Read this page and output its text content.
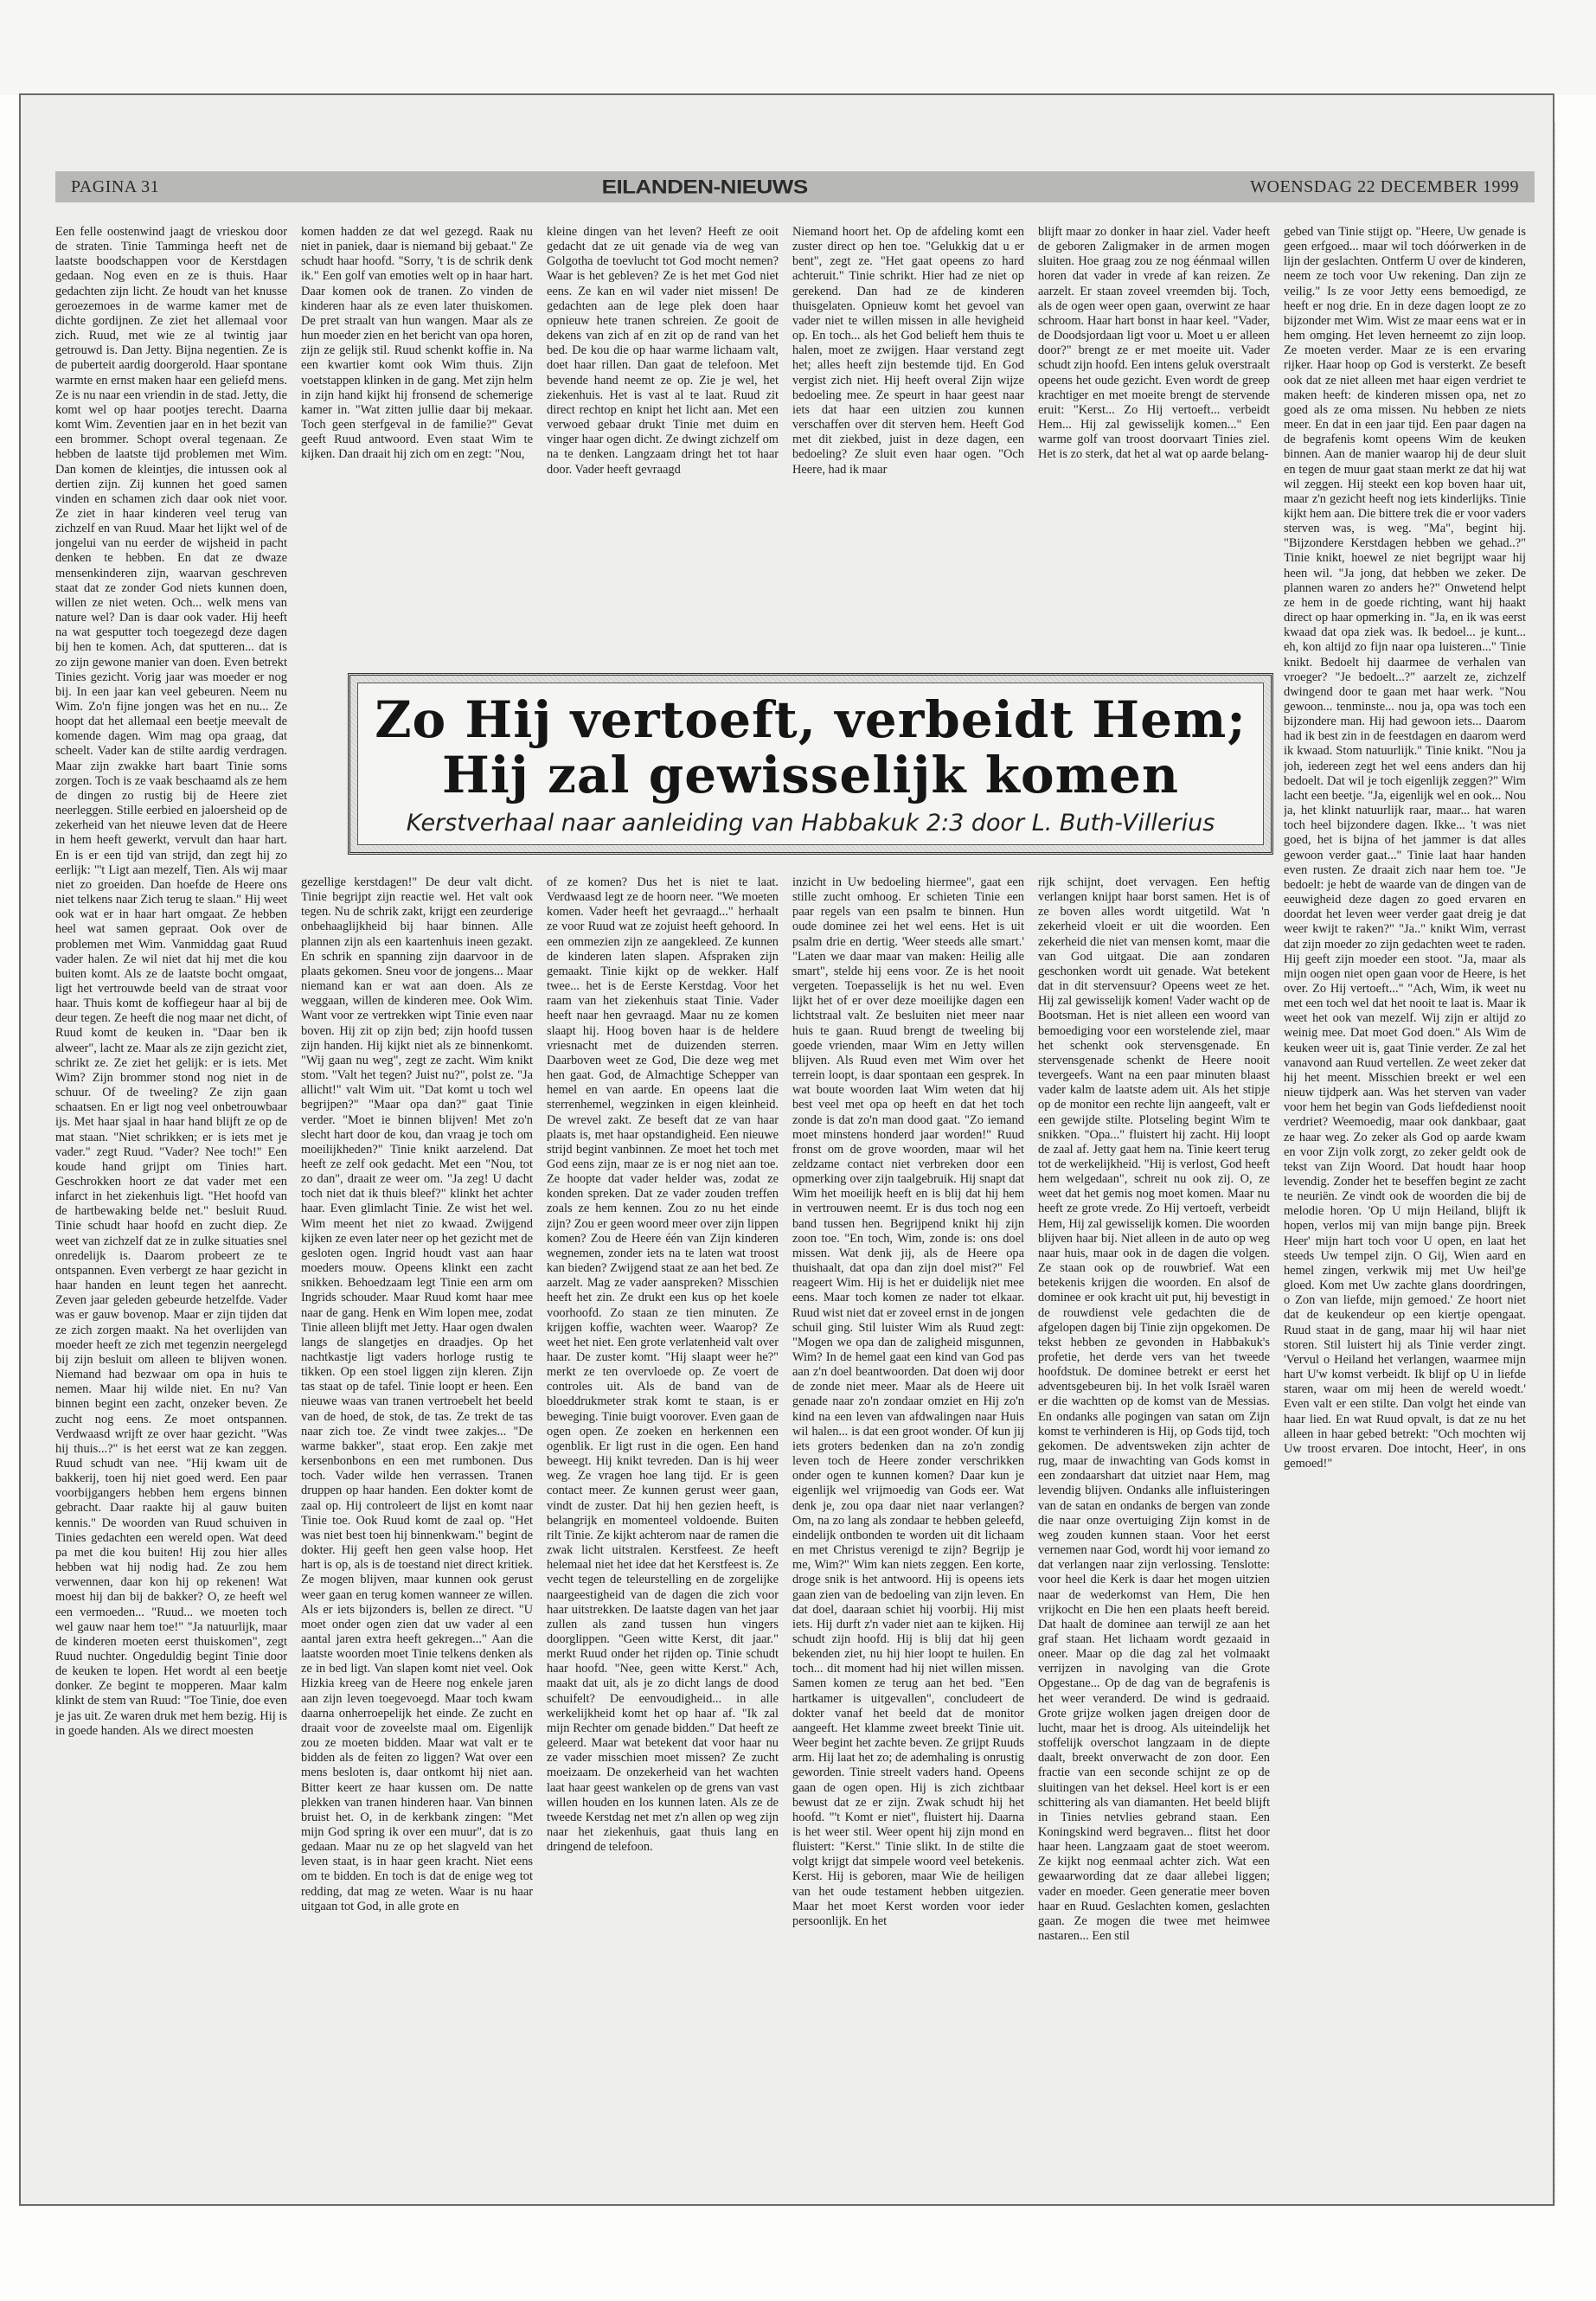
PAGINA 31	EILANDEN-NIEUWS	WOENSDAG 22 DECEMBER 1999

Een felle oostenwind jaagt de vrieskou door de straten. Tinie Tamminga heeft net de laatste boodschappen voor de Kerstdagen gedaan. Nog even en ze is thuis. Haar gedachten zijn licht. Ze houdt van het knusse geroezemoes in de warme kamer met de dichte gordijnen. Ze ziet het allemaal voor zich. Ruud, met wie ze al twintig jaar getrouwd is. Dan Jetty. Bijna negentien. Ze is de puberteit aardig doorgerold. Haar spontane warmte en ernst maken haar een geliefd mens. Ze is nu naar een vriendin in de stad. Jetty, die komt wel op haar pootjes terecht. Daarna komt Wim. Zeventien jaar en in het bezit van een brommer. Schopt overal tegenaan. Ze hebben de laatste tijd problemen met Wim. Dan komen de kleintjes, die intussen ook al dertien zijn. Zij kunnen het goed samen vinden en schamen zich daar ook niet voor. Ze ziet in haar kinderen veel terug van zichzelf en van Ruud. Maar het lijkt wel of de jongelui van nu eerder de wijsheid in pacht denken te hebben. En dat ze dwaze mensenkinderen zijn, waarvan geschreven staat dat ze zonder God niets kunnen doen, willen ze niet weten. Och... welk mens van nature wel? Dan is daar ook vader. Hij heeft na wat gesputter toch toegezegd deze dagen bij hen te komen. Ach, dat sputteren... dat is zo zijn gewone manier van doen. Even betrekt Tinies gezicht. Vorig jaar was moeder er nog bij. In een jaar kan veel gebeuren. Neem nu Wim. Zo'n fijne jongen was het en nu... Ze hoopt dat het allemaal een beetje meevalt de komende dagen. Wim mag opa graag, dat scheelt. Vader kan de stilte aardig verdragen. Maar zijn zwakke hart baart Tinie soms zorgen. Toch is ze vaak beschaamd als ze hem de dingen zo rustig bij de Heere ziet neerleggen. Stille eerbied en jaloersheid op de zekerheid van het nieuwe leven dat de Heere in hem heeft gewerkt, vervult dan haar hart. En is er een tijd van strijd, dan zegt hij zo eerlijk: "'t Ligt aan mezelf, Tien. Als wij maar niet zo groeiden. Dan hoefde de Heere ons niet telkens naar Zich terug te slaan." Hij weet ook wat er in haar hart omgaat. Ze hebben heel wat samen gepraat. Ook over de problemen met Wim. Vanmiddag gaat Ruud vader halen. Ze wil niet dat hij met die kou buiten komt. Als ze de laatste bocht omgaat, ligt het vertrouwde beeld van de straat voor haar. Thuis komt de koffiegeur haar al bij de deur tegen. Ze heeft die nog maar net dicht, of Ruud komt de keuken in. "Daar ben ik alweer", lacht ze. Maar als ze zijn gezicht ziet, schrikt ze. Ze ziet het gelijk: er is iets. Met Wim? Zijn brommer stond nog niet in de schuur. Of de tweeling? Ze zijn gaan schaatsen. En er ligt nog veel onbetrouwbaar ijs. Met haar sjaal in haar hand blijft ze op de mat staan. "Niet schrikken; er is iets met je vader." zegt Ruud. "Vader? Nee toch!" Een koude hand grijpt om Tinies hart. Geschrokken hoort ze dat vader met een infarct in het ziekenhuis ligt. "Het hoofd van de hartbewaking belde net." besluit Ruud. Tinie schudt haar hoofd en zucht diep. Ze weet van zichzelf dat ze in zulke situaties snel onredelijk is. Daarom probeert ze te ontspannen. Even verbergt ze haar gezicht in haar handen en leunt tegen het aanrecht. Zeven jaar geleden gebeurde hetzelfde. Vader was er gauw bovenop. Maar er zijn tijden dat ze zich zorgen maakt. Na het overlijden van moeder heeft ze zich met tegenzin neergelegd bij zijn besluit om alleen te blijven wonen. Niemand had bezwaar om opa in huis te nemen. Maar hij wilde niet. En nu? Van binnen begint een zacht, onzeker beven. Ze zucht nog eens. Ze moet ontspannen. Verdwaasd wrijft ze over haar gezicht. "Was hij thuis...?" is het eerst wat ze kan zeggen. Ruud schudt van nee. "Hij kwam uit de bakkerij, toen hij niet goed werd. Een paar voorbijgangers hebben hem ergens binnen gebracht. Daar raakte hij al gauw buiten kennis." De woorden van Ruud schuiven in Tinies gedachten een wereld open. Wat deed pa met die kou buiten! Hij zou hier alles hebben wat hij nodig had. Ze zou hem verwennen, daar kon hij op rekenen! Wat moest hij dan bij de bakker? O, ze heeft wel een vermoeden... "Ruud... we moeten toch wel gauw naar hem toe!" "Ja natuurlijk, maar de kinderen moeten eerst thuiskomen", zegt Ruud nuchter. Ongeduldig begint Tinie door de keuken te lopen. Het wordt al een beetje donker. Ze begint te mopperen. Maar kalm klinkt de stem van Ruud: "Toe Tinie, doe even je jas uit. Ze waren druk met hem bezig. Hij is in goede handen. Als we direct moesten

komen hadden ze dat wel gezegd. Raak nu niet in paniek, daar is niemand bij gebaat." Ze schudt haar hoofd. "Sorry, 't is de schrik denk ik." Een golf van emoties welt op in haar hart. Daar komen ook de tranen. Zo vinden de kinderen haar als ze even later thuiskomen. De pret straalt van hun wangen. Maar als ze hun moeder zien en het bericht van opa horen, zijn ze gelijk stil. Ruud schenkt koffie in. Na een kwartier komt ook Wim thuis. Zijn voetstappen klinken in de gang. Met zijn helm in zijn hand kijkt hij fronsend de schemerige kamer in. "Wat zitten jullie daar bij mekaar. Toch geen sterfgeval in de familie?" Gevat geeft Ruud antwoord. Even staat Wim te kijken. Dan draait hij zich om en zegt: "Nou,

kleine dingen van het leven? Heeft ze ooit gedacht dat ze uit genade via de weg van Golgotha de toevlucht tot God mocht nemen? Waar is het gebleven? Ze is het met God niet eens. Ze kan en wil vader niet missen! De gedachten aan de lege plek doen haar opnieuw hete tranen schreien. Ze gooit de dekens van zich af en zit op de rand van het bed. De kou die op haar warme lichaam valt, doet haar rillen. Dan gaat de telefoon. Met bevende hand neemt ze op. Zie je wel, het ziekenhuis. Het is vast al te laat. Ruud zit direct rechtop en knipt het licht aan. Met een verwoed gebaar drukt Tinie met duim en vinger haar ogen dicht. Ze dwingt zichzelf om na te denken. Langzaam dringt het tot haar door. Vader heeft gevraagd

Niemand hoort het. Op de afdeling komt een zuster direct op hen toe. "Gelukkig dat u er bent", zegt ze. "Het gaat opeens zo hard achteruit." Tinie schrikt. Hier had ze niet op gerekend. Dan had ze de kinderen thuisgelaten. Opnieuw komt het gevoel van vader niet te willen missen in alle hevigheid op. En toch... als het God belieft hem thuis te halen, moet ze zwijgen. Haar verstand zegt het; alles heeft zijn bestemde tijd. En God vergist zich niet. Hij heeft overal Zijn wijze bedoeling mee. Ze speurt in haar geest naar iets dat haar een uitzien zou kunnen verschaffen over dit sterven hem. Heeft God met dit ziekbed, juist in deze dagen, een bedoeling? Ze sluit even haar ogen. "Och Heere, had ik maar

blijft maar zo donker in haar ziel. Vader heeft de geboren Zaligmaker in de armen mogen sluiten. Hoe graag zou ze nog éénmaal willen horen dat vader in vrede af kan reizen. Ze aarzelt. Er staan zoveel vreemden bij. Toch, als de ogen weer open gaan, overwint ze haar schroom. Haar hart bonst in haar keel. "Vader, de Doodsjordaan ligt voor u. Moet u er alleen door?" brengt ze er met moeite uit. Vader schudt zijn hoofd. Een intens geluk overstraalt opeens het oude gezicht. Even wordt de greep krachtiger en met moeite brengt de stervende eruit: "Kerst... Zo Hij vertoeft... verbeidt Hem... Hij zal gewisselijk komen..." Een warme golf van troost doorvaart Tinies ziel. Het is zo sterk, dat het al wat op aarde belang-

gebed van Tinie stijgt op. "Heere, Uw genade is geen erfgoed... maar wil toch dóórwerken in de lijn der geslachten. Ontferm U over de kinderen, neem ze toch voor Uw rekening. Dan zijn ze veilig." Is ze voor Jetty eens bemoedigd, ze heeft er nog drie. En in deze dagen loopt ze zo bijzonder met Wim. Wist ze maar eens wat er in hem omging. Het leven herneemt zo zijn loop. Ze moeten verder. Maar ze is een ervaring rijker. Haar hoop op God is versterkt. Ze beseft ook dat ze niet alleen met haar eigen verdriet te maken heeft: de kinderen missen opa, net zo goed als ze oma missen. Nu hebben ze niets meer. En dat in een jaar tijd. Een paar dagen na de begrafenis komt opeens Wim de keuken binnen. Aan de manier waarop hij de deur sluit en tegen de muur gaat staan merkt ze dat hij wat wil zeggen. Hij steekt een kop boven haar uit, maar z'n gezicht heeft nog iets kinderlijks. Tinie kijkt hem aan. Die bittere trek die er voor vaders sterven was, is weg. "Ma", begint hij. "Bijzondere Kerstdagen hebben we gehad..?" Tinie knikt, hoewel ze niet begrijpt waar hij heen wil. "Ja jong, dat hebben we zeker. De plannen waren zo anders he?" Onwetend helpt ze hem in de goede richting, want hij haakt direct op haar opmerking in. "Ja, en ik was eerst kwaad dat opa ziek was. Ik bedoel... je kunt... eh, kon altijd zo fijn naar opa luisteren..." Tinie knikt. Bedoelt hij daarmee de verhalen van vroeger? "Je bedoelt...?" aarzelt ze, zichzelf dwingend door te gaan met haar werk. "Nou gewoon... tenminste... nou ja, opa was toch een bijzondere man. Hij had gewoon iets... Daarom had ik best zin in de feestdagen en daarom werd ik kwaad. Stom natuurlijk." Tinie knikt. "Nou ja joh, iedereen zegt het wel eens anders dan hij bedoelt. Dat wil je toch eigenlijk zeggen?" Wim lacht een beetje. "Ja, eigenlijk wel en ook... Nou ja, het klinkt natuurlijk raar, maar... hat waren toch heel bijzondere dagen. Ikke... 't was niet goed, het is bijna of het jammer is dat alles gewoon verder gaat..." Tinie laat haar handen even rusten. Ze draait zich naar hem toe. "Je bedoelt: je hebt de waarde van de dingen van de eeuwigheid deze dagen zo goed ervaren en doordat het leven weer verder gaat dreig je dat weer kwijt te raken?" "Ja.." knikt Wim, verrast dat zijn moeder zo zijn gedachten weet te raden. Hij geeft zijn moeder een stoot. "Ja, maar als mijn oogen niet open gaan voor de Heere, is het over. Zo Hij vertoeft..." "Ach, Wim, ik weet nu met een toch wel dat het nooit te laat is. Maar ik weet het ook van mezelf. Wij zijn er altijd zo weinig mee. Dat moet God doen." Als Wim de keuken weer uit is, gaat Tinie verder. Ze zal het vanavond aan Ruud vertellen. Ze weet zeker dat hij het meent. Misschien breekt er wel een nieuw tijdperk aan. Was het sterven van vader voor hem het begin van Gods liefdedienst nooit verdriet? Weemoedig, maar ook dankbaar, gaat ze haar weg. Zo zeker als God op aarde kwam en voor Zijn volk zorgt, zo zeker geldt ook de tekst van Zijn Woord. Dat houdt haar hoop levendig. Zonder het te beseffen begint ze zacht te neuriën. Ze vindt ook de woorden die bij de melodie horen. 'Op U mijn Heiland, blijft ik hopen, verlos mij van mijn bange pijn. Breek Heer' mijn hart toch voor U open, en laat het steeds Uw tempel zijn. O Gij, Wien aard en hemel zingen, verkwik mij met Uw heil'ge gloed. Kom met Uw zachte glans doordringen, o Zon van liefde, mijn gemoed.' Ze hoort niet dat de keukendeur op een kiertje opengaat. Ruud staat in de gang, maar hij wil haar niet storen. Stil luistert hij als Tinie verder zingt. 'Vervul o Heiland het verlangen, waarmee mijn hart U'w komst verbeidt. Ik blijf op U in liefde staren, waar om mij heen de wereld woedt.' Even valt er een stilte. Dan volgt het einde van haar lied. En wat Ruud opvalt, is dat ze nu het alleen in haar gebed betrekt: "Och mochten wij Uw troost ervaren. Doe intocht, Heer', in ons gemoed!"

Zo Hij vertoeft, verbeidt Hem;
Hij zal gewisselijk komen
Kerstverhaal naar aanleiding van Habbakuk 2:3 door L. Buth-Villerius

gezellige kerstdagen!" De deur valt dicht. Tinie begrijpt zijn reactie wel. Het valt ook tegen. Nu de schrik zakt, krijgt een zeurderige onbehaaglijkheid bij haar binnen. Alle plannen zijn als een kaartenhuis ineen gezakt. En schrik en spanning zijn daarvoor in de plaats gekomen. Sneu voor de jongens... Maar niemand kan er wat aan doen. Als ze weggaan, willen de kinderen mee. Ook Wim. Want voor ze vertrekken wipt Tinie even naar boven. Hij zit op zijn bed; zijn hoofd tussen zijn handen. Hij kijkt niet als ze binnenkomt. "Wij gaan nu weg", zegt ze zacht. Wim knikt stom. "Valt het tegen? Juist nu?", polst ze. "Ja allicht!" valt Wim uit. "Dat komt u toch wel begrijpen?" "Maar opa dan?" gaat Tinie verder. "Moet ie binnen blijven! Met zo'n slecht hart door de kou, dan vraag je toch om moeilijkheden?" Tinie knikt aarzelend. Dat heeft ze zelf ook gedacht. Met een "Nou, tot zo dan", draait ze weer om. "Ja zeg! U dacht toch niet dat ik thuis bleef?" klinkt het achter haar. Even glimlacht Tinie. Ze wist het wel. Wim meent het niet zo kwaad. Zwijgend kijken ze even later neer op het gezicht met de gesloten ogen. Ingrid houdt vast aan haar moeders mouw. Opeens klinkt een zacht snikken. Behoedzaam legt Tinie een arm om Ingrids schouder. Maar Ruud komt haar mee naar de gang. Henk en Wim lopen mee, zodat Tinie alleen blijft met Jetty. Haar ogen dwalen langs de slangetjes en draadjes. Op het nachtkastje ligt vaders horloge rustig te tikken. Op een stoel liggen zijn kleren. Zijn tas staat op de tafel. Tinie loopt er heen. Een nieuwe waas van tranen vertroebelt het beeld van de hoed, de stok, de tas. Ze trekt de tas naar zich toe. Ze vindt twee zakjes... "De warme bakker", staat erop. Een zakje met kersenbonbons en een met rumbonen. Dus toch. Vader wilde hen verrassen. Tranen druppen op haar handen. Een dokter komt de zaal op. Hij controleert de lijst en komt naar Tinie toe. Ook Ruud komt de zaal op. "Het was niet best toen hij binnenkwam." begint de dokter. Hij geeft hen geen valse hoop. Het hart is op, als is de toestand niet direct kritiek. Ze mogen blijven, maar kunnen ook gerust weer gaan en terug komen wanneer ze willen. Als er iets bijzonders is, bellen ze direct. "U moet onder ogen zien dat uw vader al een aantal jaren extra heeft gekregen..." Aan die laatste woorden moet Tinie telkens denken als ze in bed ligt. Van slapen komt niet veel. Ook Hizkia kreeg van de Heere nog enkele jaren aan zijn leven toegevoegd. Maar toch kwam daarna onherroepelijk het einde. Ze zucht en draait voor de zoveelste maal om. Eigenlijk zou ze moeten bidden. Maar wat valt er te bidden als de feiten zo liggen? Wat over een mens besloten is, daar ontkomt hij niet aan. Bitter keert ze haar kussen om. De natte plekken van tranen hinderen haar. Van binnen bruist het. O, in de kerkbank zingen: "Met mijn God spring ik over een muur", dat is zo gedaan. Maar nu ze op het slagveld van het leven staat, is in haar geen kracht. Niet eens om te bidden. En toch is dat de enige weg tot redding, dat mag ze weten. Waar is nu haar uitgaan tot God, in alle grote en

of ze komen? Dus het is niet te laat. Verdwaasd legt ze de hoorn neer. "We moeten komen. Vader heeft het gevraagd..." herhaalt ze voor Ruud wat ze zojuist heeft gehoord. In een ommezien zijn ze aangekleed. Ze kunnen de kinderen laten slapen. Afspraken zijn gemaakt. Tinie kijkt op de wekker. Half twee... het is de Eerste Kerstdag. Voor het raam van het ziekenhuis staat Tinie. Vader heeft naar hen gevraagd. Maar nu ze komen slaapt hij. Hoog boven haar is de heldere vriesnacht met de duizenden sterren. Daarboven weet ze God, Die deze weg met hen gaat. God, de Almachtige Schepper van hemel en van aarde. En opeens laat die sterrenhemel, wegzinken in eigen kleinheid. De wrevel zakt. Ze beseft dat ze van haar plaats is, met haar opstandigheid. Een nieuwe strijd begint vanbinnen. Ze moet het toch met God eens zijn, maar ze is er nog niet aan toe. Ze hoopte dat vader helder was, zodat ze konden spreken. Dat ze vader zouden treffen zoals ze hem kennen. Zou zo nu het einde zijn? Zou er geen woord meer over zijn lippen komen? Zou de Heere één van Zijn kinderen wegnemen, zonder iets na te laten wat troost kan bieden? Zwijgend staat ze aan het bed. Ze aarzelt. Mag ze vader aanspreken? Misschien heeft het zin. Ze drukt een kus op het koele voorhoofd. Zo staan ze tien minuten. Ze krijgen koffie, wachten weer. Waarop? Ze weet het niet. Een grote verlatenheid valt over haar. De zuster komt. "Hij slaapt weer he?" merkt ze ten overvloede op. Ze voert de controles uit. Als de band van de bloeddrukmeter strak komt te staan, is er beweging. Tinie buigt voorover. Even gaan de ogen open. Ze zoeken en herkennen een ogenblik. Er ligt rust in die ogen. Een hand beweegt. Hij knikt tevreden. Dan is hij weer weg. Ze vragen hoe lang tijd. Er is geen contact meer. Ze kunnen gerust weer gaan, vindt de zuster. Dat hij hen gezien heeft, is belangrijk en momenteel voldoende. Buiten rilt Tinie. Ze kijkt achterom naar de ramen die zwak licht uitstralen. Kerstfeest. Ze heeft helemaal niet het idee dat het Kerstfeest is. Ze vecht tegen de teleurstelling en de zorgelijke naargeestigheid van de dagen die zich voor haar uitstrekken. De laatste dagen van het jaar zullen als zand tussen hun vingers doorglippen. "Geen witte Kerst, dit jaar." merkt Ruud onder het rijden op. Tinie schudt haar hoofd. "Nee, geen witte Kerst." Ach, maakt dat uit, als je zo dicht langs de dood schuifelt? De eenvoudigheid... in alle werkelijkheid komt het op haar af. "Ik zal mijn Rechter om genade bidden." Dat heeft ze geleerd. Maar wat betekent dat voor haar nu ze vader misschien moet missen? Ze zucht moeizaam. De onzekerheid van het wachten laat haar geest wankelen op de grens van vast willen houden en los kunnen laten. Als ze de tweede Kerstdag net met z'n allen op weg zijn naar het ziekenhuis, gaat thuis lang en dringend de telefoon.

inzicht in Uw bedoeling hiermee", gaat een stille zucht omhoog. Er schieten Tinie een paar regels van een psalm te binnen. Hun oude dominee zei het wel eens. Het is uit psalm drie en dertig. 'Weer steeds alle smart.' "Laten we daar maar van maken: Heilig alle smart", stelde hij eens voor. Ze is het nooit vergeten. Toepasselijk is het nu wel. Even lijkt het of er over deze moeilijke dagen een lichtstraal valt. Ze besluiten niet meer naar huis te gaan. Ruud brengt de tweeling bij goede vrienden, maar Wim en Jetty willen blijven. Als Ruud even met Wim over het terrein loopt, is daar spontaan een gesprek. In wat boute woorden laat Wim weten dat hij best veel met opa op heeft en dat het toch zonde is dat zo'n man dood gaat. "Zo iemand moet minstens honderd jaar worden!" Ruud fronst om de grove woorden, maar wil het zeldzame contact niet verbreken door een opmerking over zijn taalgebruik. Hij snapt dat Wim het moeilijk heeft en is blij dat hij hem in vertrouwen neemt. Er is dus toch nog een band tussen hen. Begrijpend knikt hij zijn zoon toe. "En toch, Wim, zonde is: ons doel missen. Wat denk jij, als de Heere opa thuishaalt, dat opa dan zijn doel mist?" Fel reageert Wim. Hij is het er duidelijk niet mee eens. Maar toch komen ze nader tot elkaar. Ruud wist niet dat er zoveel ernst in de jongen schuil ging. Stil luister Wim als Ruud zegt: "Mogen we opa dan de zaligheid misgunnen, Wim? In de hemel gaat een kind van God pas aan z'n doel beantwoorden. Dat doen wij door de zonde niet meer. Maar als de Heere uit genade naar zo'n zondaar omziet en Hij zo'n kind na een leven van afdwalingen naar Huis wil halen... is dat een groot wonder. Of kun jij iets groters bedenken dan na zo'n zondig leven toch de Heere zonder verschrikken onder ogen te kunnen komen? Daar kun je eigenlijk wel vrijmoedig van Gods eer. Wat denk je, zou opa daar niet naar verlangen? Om, na zo lang als zondaar te hebben geleefd, eindelijk ontbonden te worden uit dit lichaam en met Christus verenigd te zijn? Begrijp je me, Wim?" Wim kan niets zeggen. Een korte, droge snik is het antwoord. Hij is opeens iets gaan zien van de bedoeling van zijn leven. En dat doel, daaraan schiet hij voorbij. Hij mist iets. Hij durft z'n vader niet aan te kijken. Hij schudt zijn hoofd. Hij is blij dat hij geen bekenden ziet, nu hij hier loopt te huilen. En toch... dit moment had hij niet willen missen. Samen komen ze terug aan het bed. "Een hartkamer is uitgevallen", concludeert de dokter vanaf het beeld dat de monitor aangeeft. Het klamme zweet breekt Tinie uit. Weer begint het zachte beven. Ze grijpt Ruuds arm. Hij laat het zo; de ademhaling is onrustig geworden. Tinie streelt vaders hand. Opeens gaan de ogen open. Hij is zich zichtbaar bewust dat ze er zijn. Zwak schudt hij het hoofd. "'t Komt er niet", fluistert hij. Daarna is het weer stil. Weer opent hij zijn mond en fluistert: "Kerst." Tinie slikt. In de stilte die volgt krijgt dat simpele woord veel betekenis. Kerst. Hij is geboren, maar Wie de heiligen van het oude testament hebben uitgezien. Maar het moet Kerst worden voor ieder persoonlijk. En het

rijk schijnt, doet vervagen. Een heftig verlangen knijpt haar borst samen. Het is of ze boven alles wordt uitgetild. Wat 'n zekerheid vloeit er uit die woorden. Een zekerheid die niet van mensen komt, maar die van God uitgaat. Die aan zondaren geschonken wordt uit genade. Wat betekent dat in dit stervensuur? Opeens weet ze het. Hij zal gewisselijk komen! Vader wacht op de Bootsman. Het is niet alleen een woord van bemoediging voor een worstelende ziel, maar het schenkt ook stervensgenade. En stervensgenade schenkt de Heere nooit tevergeefs. Want na een paar minuten blaast vader kalm de laatste adem uit. Als het stipje op de monitor een rechte lijn aangeeft, valt er een gewijde stilte. Plotseling begint Wim te snikken. "Opa..." fluistert hij zacht. Hij loopt de zaal af. Jetty gaat hem na. Tinie keert terug tot de werkelijkheid. "Hij is verlost, God heeft hem welgedaan", schreit nu ook zij. O, ze weet dat het gemis nog moet komen. Maar nu heeft ze grote vrede. Zo Hij vertoeft, verbeidt Hem, Hij zal gewisselijk komen. Die woorden blijven haar bij. Niet alleen in de auto op weg naar huis, maar ook in de dagen die volgen. Ze staan ook op de rouwbrief. Wat een betekenis krijgen die woorden. En alsof de dominee er ook kracht uit put, hij bevestigt in de rouwdienst vele gedachten die de afgelopen dagen bij Tinie zijn opgekomen. De tekst hebben ze gevonden in Habbakuk's profetie, het derde vers van het tweede hoofdstuk. De dominee betrekt er eerst het adventsgebeuren bij. In het volk Israël waren er die wachtten op de komst van de Messias. En ondanks alle pogingen van satan om Zijn komst te verhinderen is Hij, op Gods tijd, toch gekomen. De adventsweken zijn achter de rug, maar de inwachting van Gods komst in een zondaarshart dat uitziet naar Hem, mag levendig blijven. Ondanks alle influisteringen van de satan en ondanks de bergen van zonde die naar onze overtuiging Zijn komst in de weg zouden kunnen staan. Voor het eerst vernemen naar God, wordt hij voor iemand zo dat verlangen naar zijn verlossing. Tenslotte: voor heel die Kerk is daar het mogen uitzien naar de wederkomst van Hem, Die hen vrijkocht en Die hen een plaats heeft bereid. Dat haalt de dominee aan terwijl ze aan het graf staan. Het lichaam wordt gezaaid in oneer. Maar op die dag zal het volmaakt verrijzen in navolging van die Grote Opgestane... Op de dag van de begrafenis is het weer veranderd. De wind is gedraaid. Grote grijze wolken jagen dreigen door de lucht, maar het is droog. Als uiteindelijk het stoffelijk overschot langzaam in de diepte daalt, breekt onverwacht de zon door. Een fractie van een seconde schijnt ze op de sluitingen van het deksel. Heel kort is er een schittering als van diamanten. Het beeld blijft in Tinies netvlies gebrand staan. Een Koningskind werd begraven... flitst het door haar heen. Langzaam gaat de stoet weerom. Ze kijkt nog eenmaal achter zich. Wat een gewaarwording dat ze daar allebei liggen; vader en moeder. Geen generatie meer boven haar en Ruud. Geslachten komen, geslachten gaan. Ze mogen die twee met heimwee nastaren... Een stil
